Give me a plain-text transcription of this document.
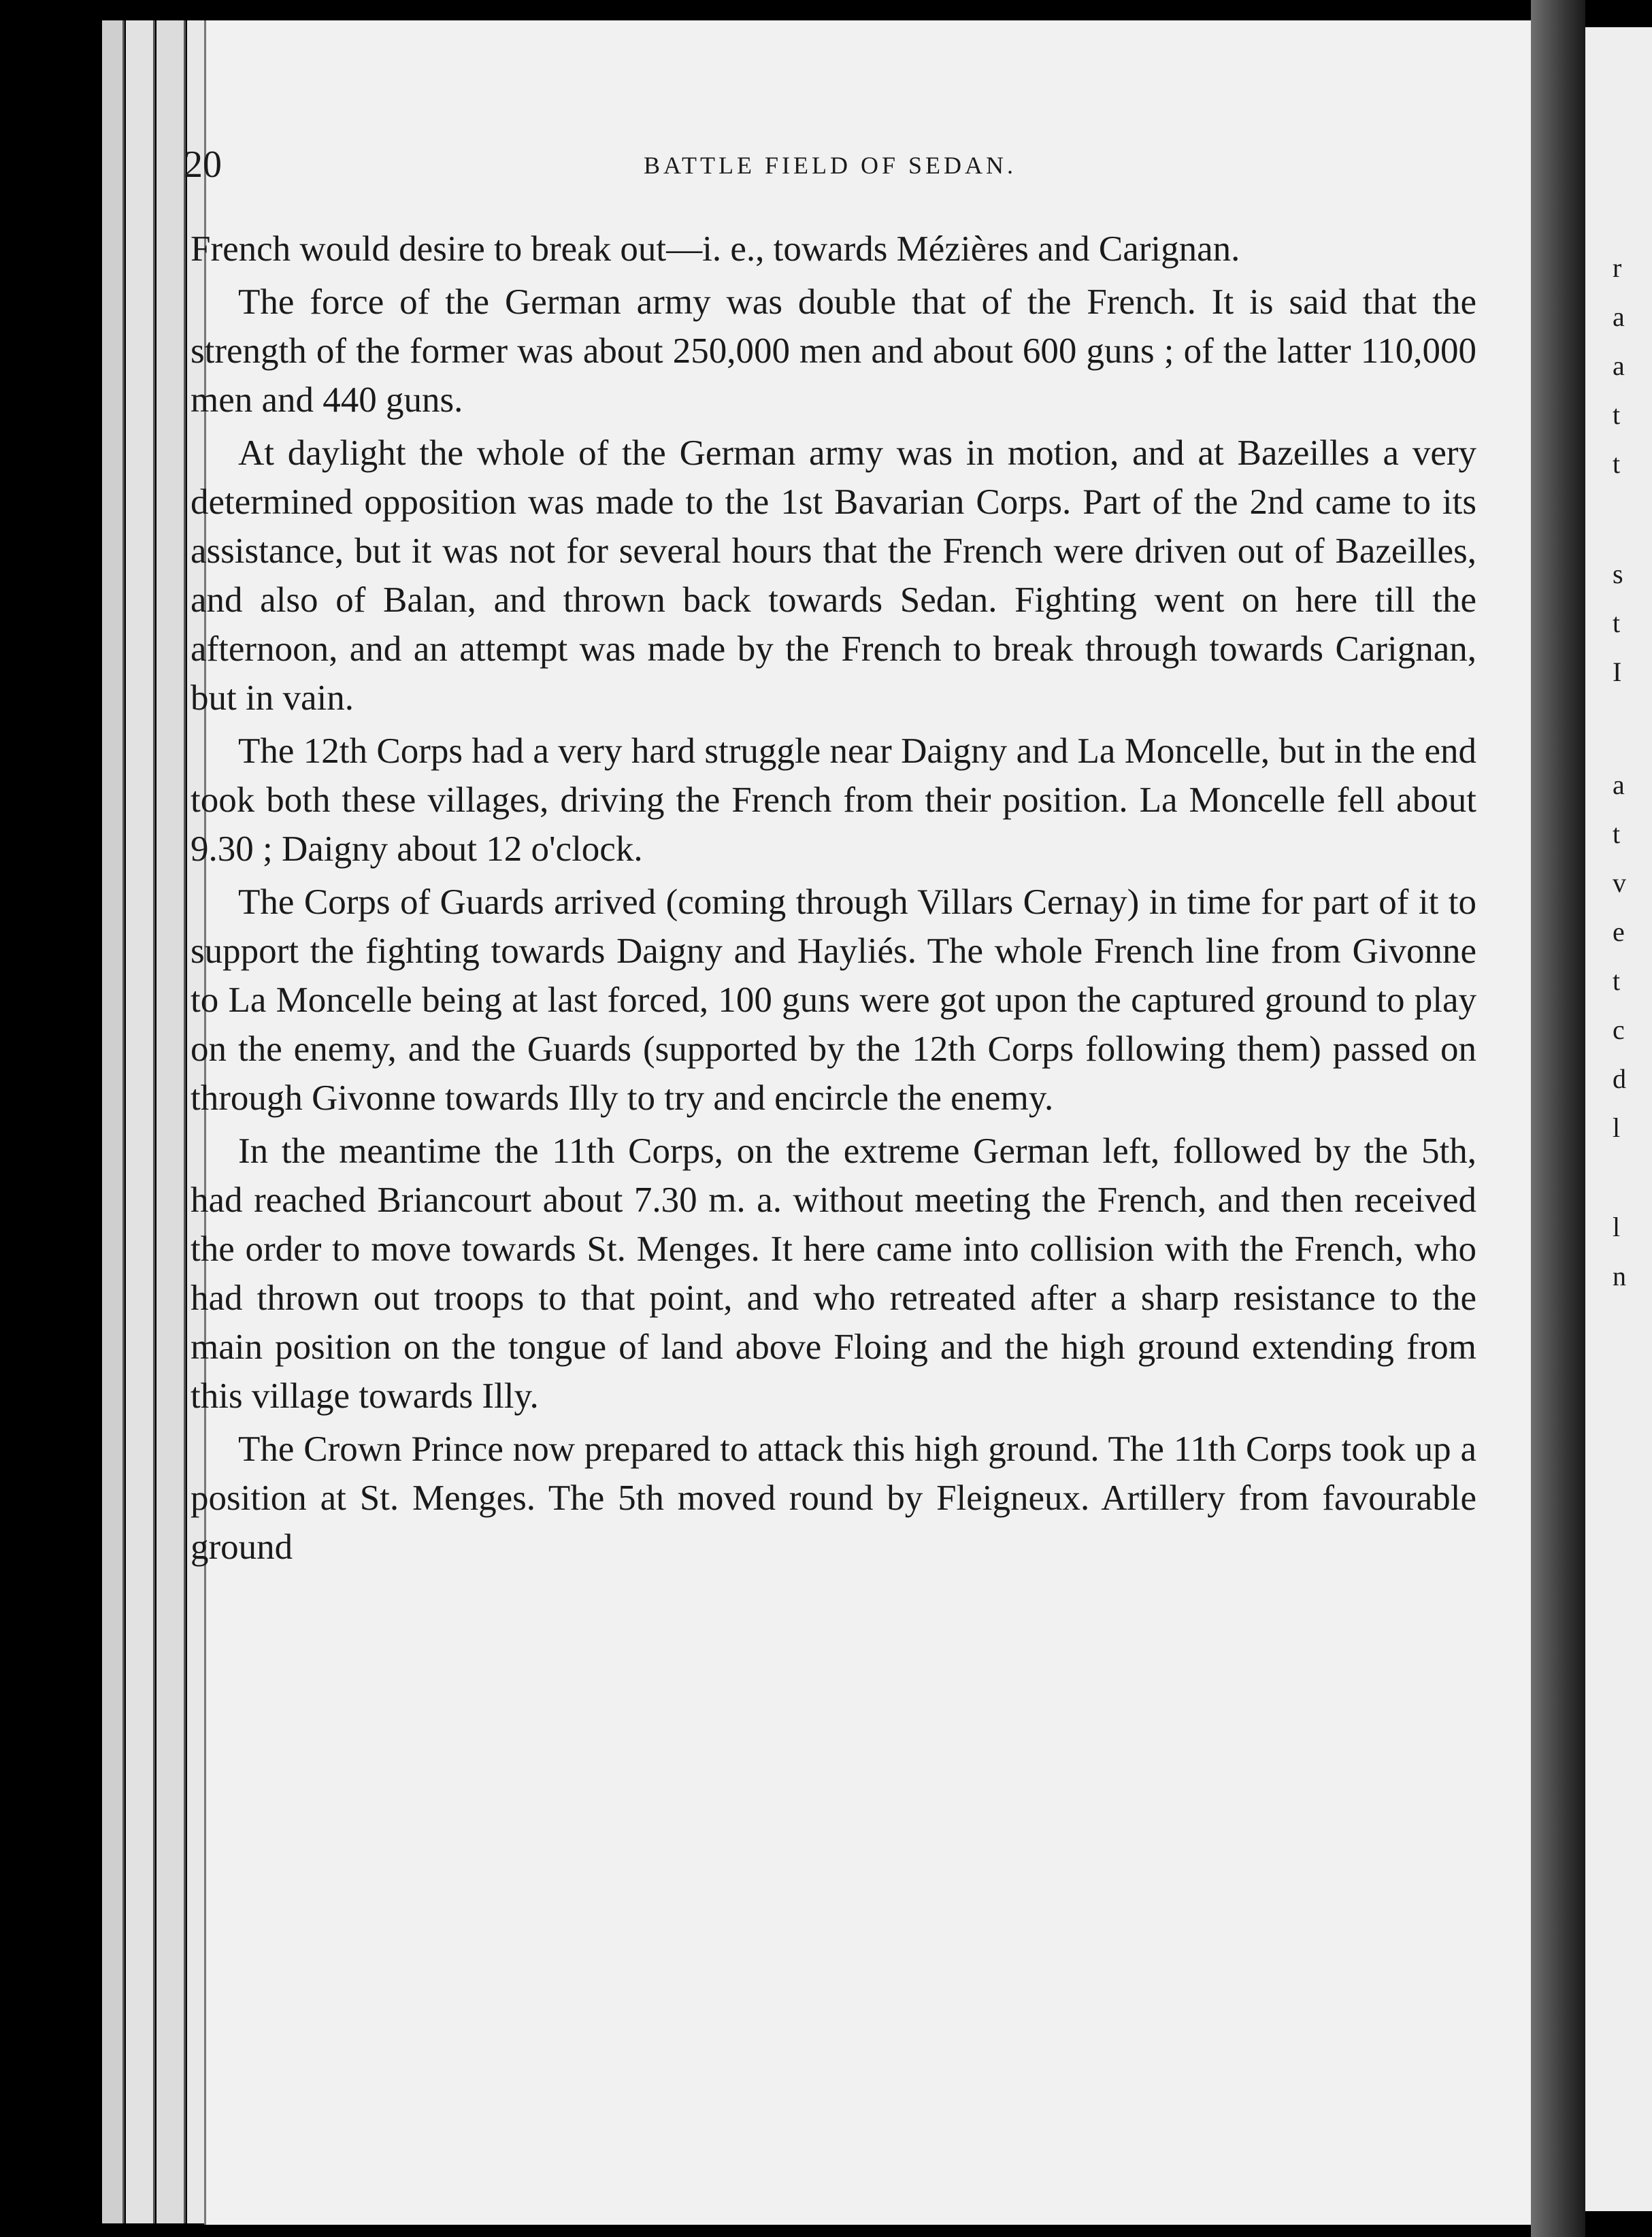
r
a
a
t
t
s
t
I
a
t
v
e
t
c
d
l
l
n
20	BATTLE FIELD OF SEDAN.

French would desire to break out—i. e., towards Mézières and Carignan.

The force of the German army was double that of the French. It is said that the strength of the former was about 250,000 men and about 600 guns ; of the latter 110,000 men and 440 guns.

At daylight the whole of the German army was in motion, and at Bazeilles a very determined opposition was made to the 1st Bavarian Corps. Part of the 2nd came to its assistance, but it was not for several hours that the French were driven out of Bazeilles, and also of Balan, and thrown back towards Sedan. Fighting went on here till the afternoon, and an attempt was made by the French to break through towards Carignan, but in vain.

The 12th Corps had a very hard struggle near Daigny and La Moncelle, but in the end took both these villages, driving the French from their position. La Moncelle fell about 9.30 ; Daigny about 12 o'clock.

The Corps of Guards arrived (coming through Villars Cernay) in time for part of it to support the fighting towards Daigny and Hayliés. The whole French line from Givonne to La Moncelle being at last forced, 100 guns were got upon the captured ground to play on the enemy, and the Guards (supported by the 12th Corps following them) passed on through Givonne towards Illy to try and encircle the enemy.

In the meantime the 11th Corps, on the extreme German left, followed by the 5th, had reached Briancourt about 7.30 m. a. without meeting the French, and then received the order to move towards St. Menges. It here came into collision with the French, who had thrown out troops to that point, and who retreated after a sharp resistance to the main position on the tongue of land above Floing and the high ground extending from this village towards Illy.

The Crown Prince now prepared to attack this high ground. The 11th Corps took up a position at St. Menges. The 5th moved round by Fleigneux. Artillery from favourable ground
